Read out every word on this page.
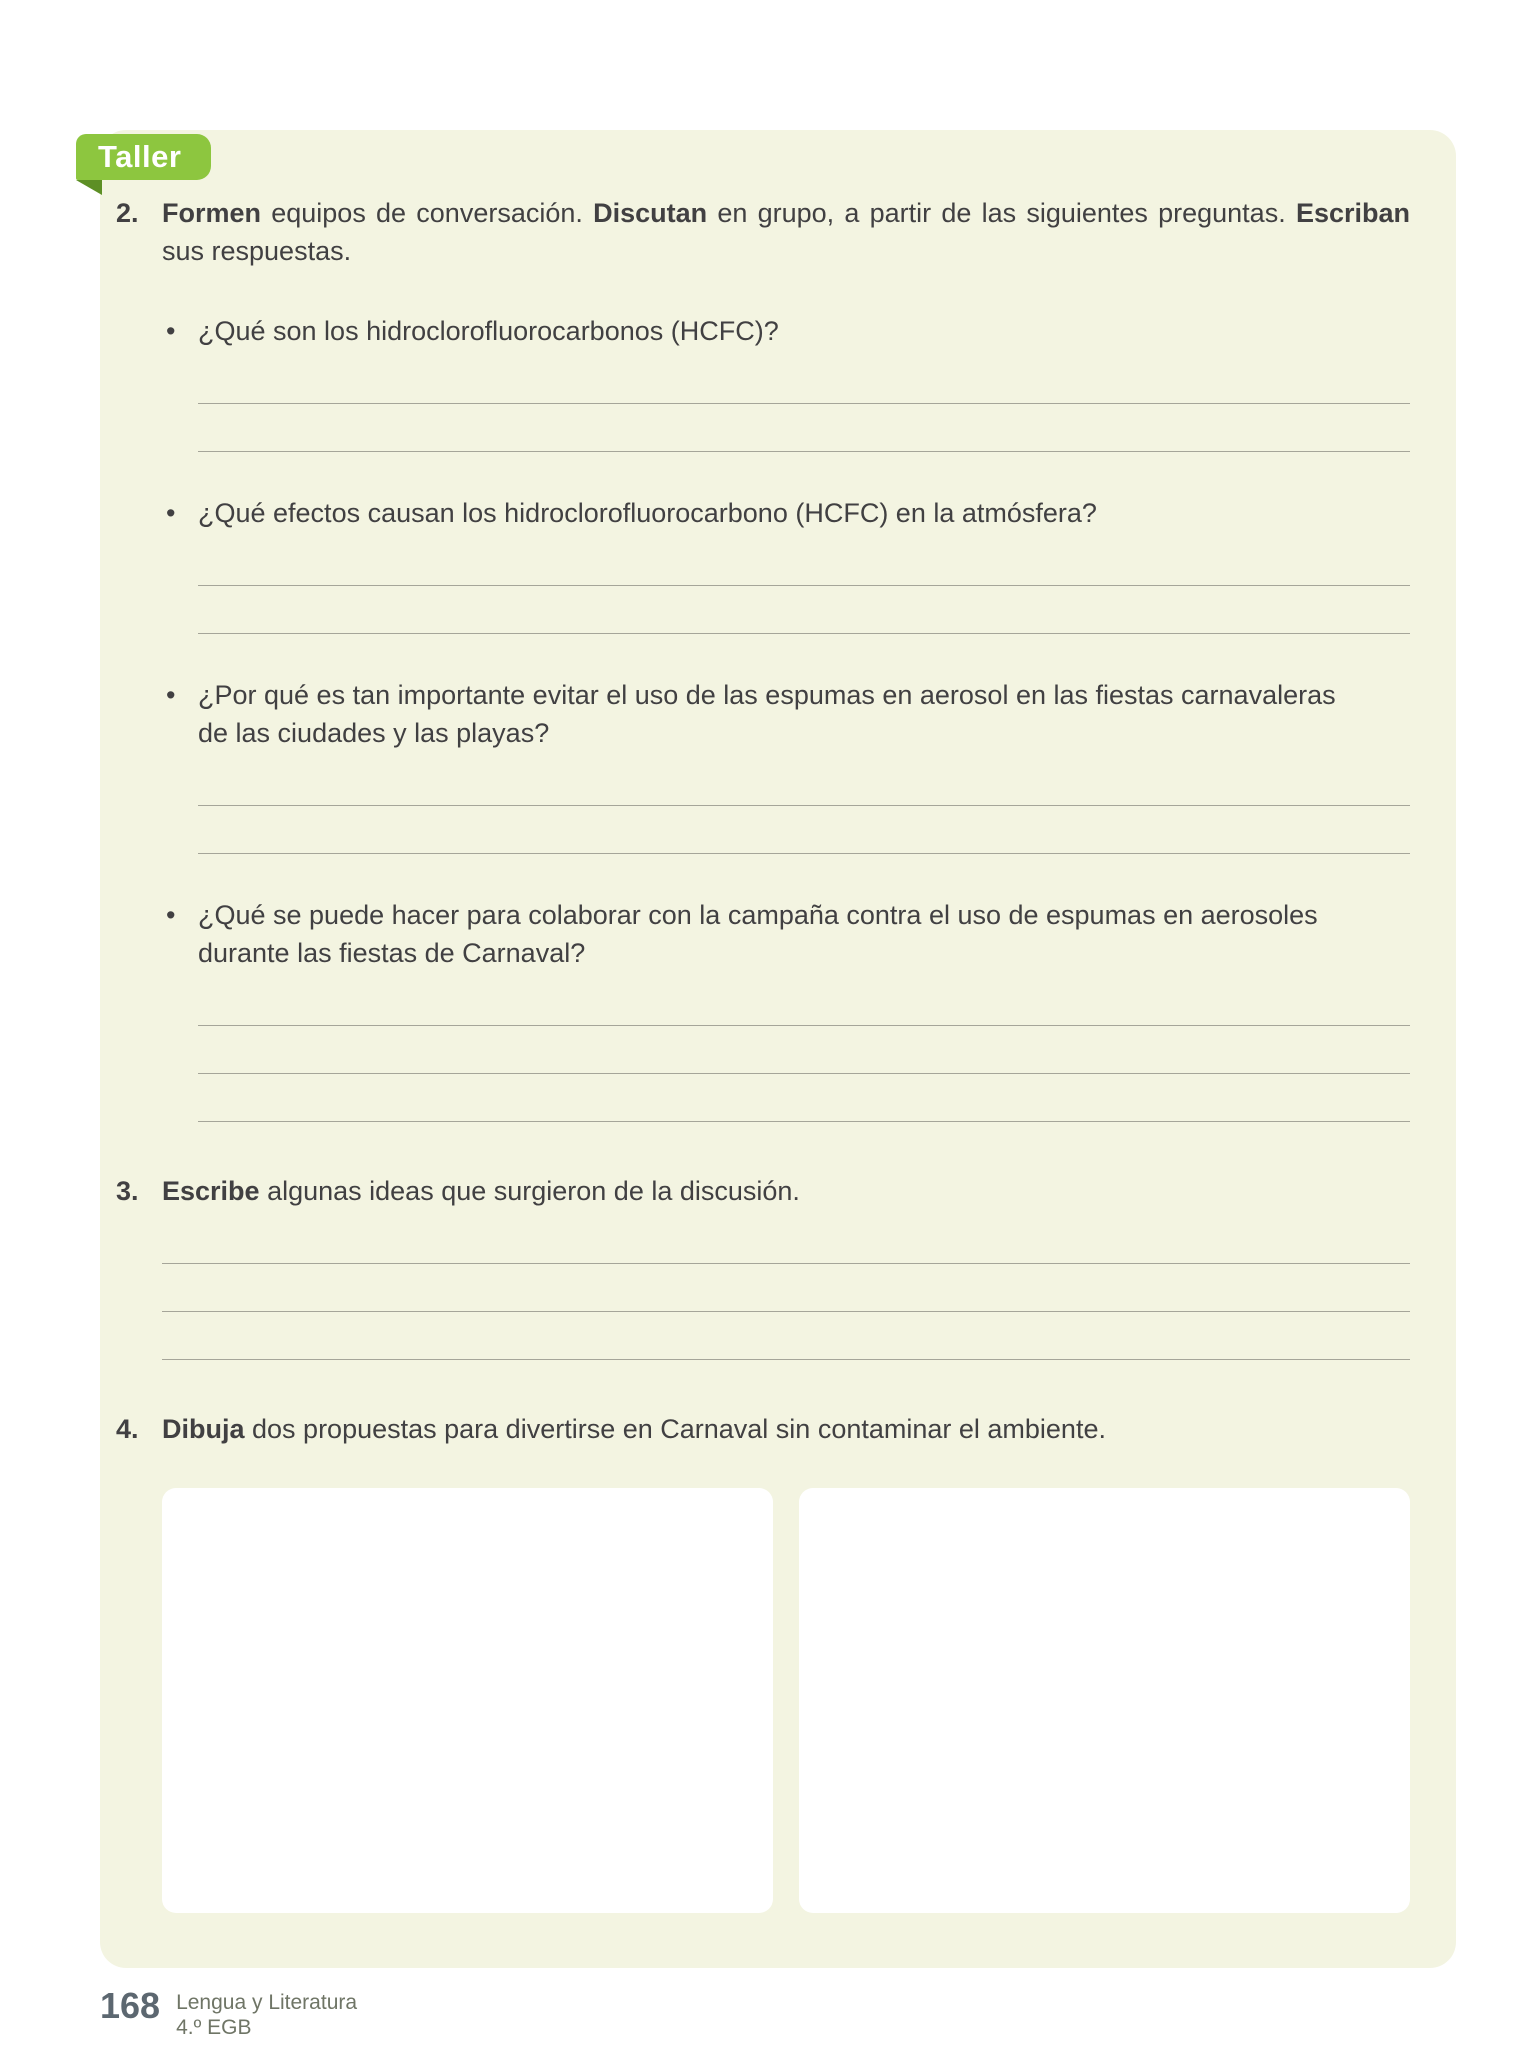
Taller
2. Formen equipos de conversación. Discutan en grupo, a partir de las siguientes preguntas. Escriban sus respuestas.

• ¿Qué son los hidroclorofluorocarbonos (HCFC)?

• ¿Qué efectos causan los hidroclorofluorocarbono (HCFC) en la atmósfera?

• ¿Por qué es tan importante evitar el uso de las espumas en aerosol en las fiestas carnavaleras de las ciudades y las playas?

• ¿Qué se puede hacer para colaborar con la campaña contra el uso de espumas en aerosoles durante las fiestas de Carnaval?

3. Escribe algunas ideas que surgieron de la discusión.

4. Dibuja dos propuestas para divertirse en Carnaval sin contaminar el ambiente.

168 Lengua y Literatura
4.º EGB
